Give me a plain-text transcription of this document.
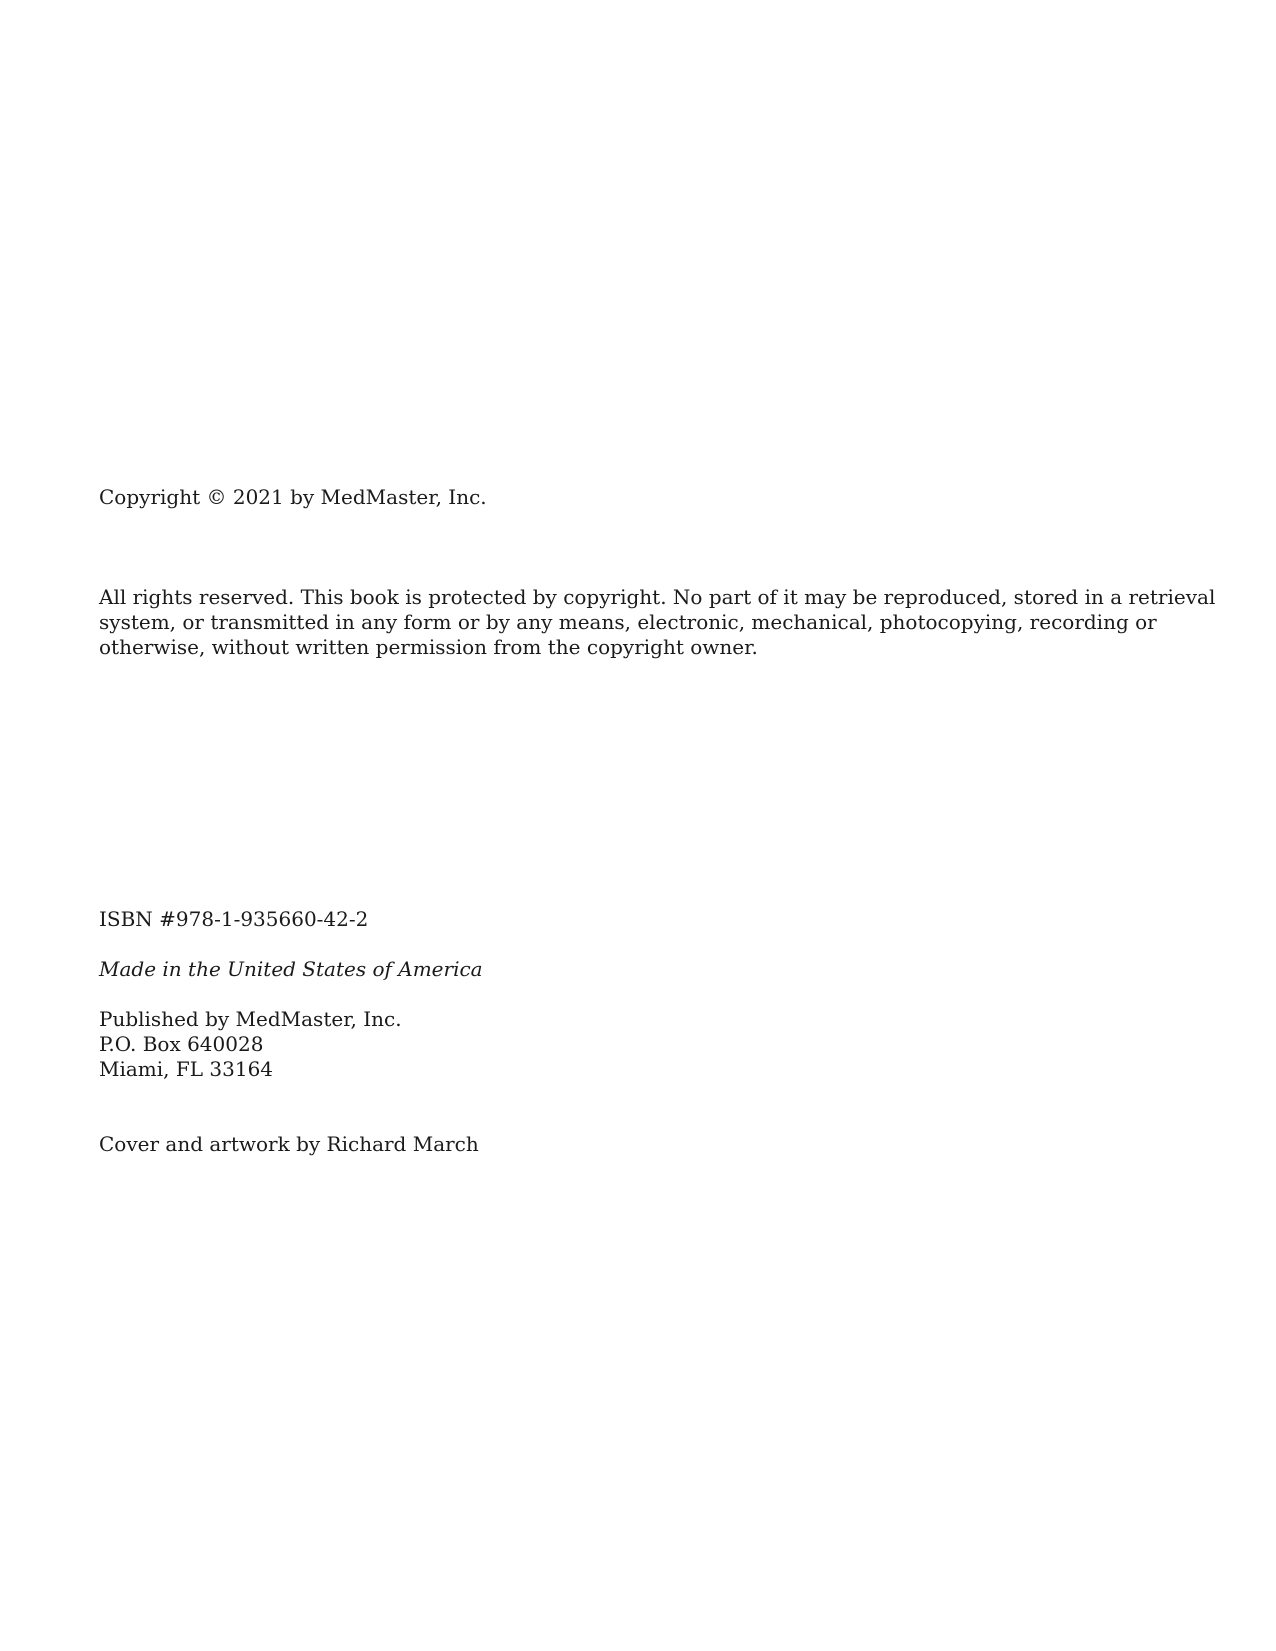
Copyright © 2021 by MedMaster, Inc.

All rights reserved. This book is protected by copyright. No part of it may be reproduced, stored in a retrieval
system, or transmitted in any form or by any means, electronic, mechanical, photocopying, recording or
otherwise, without written permission from the copyright owner.

ISBN #978-1-935660-42-2

Made in the United States of America

Published by MedMaster, Inc.
P.O. Box 640028
Miami, FL 33164

Cover and artwork by Richard March
